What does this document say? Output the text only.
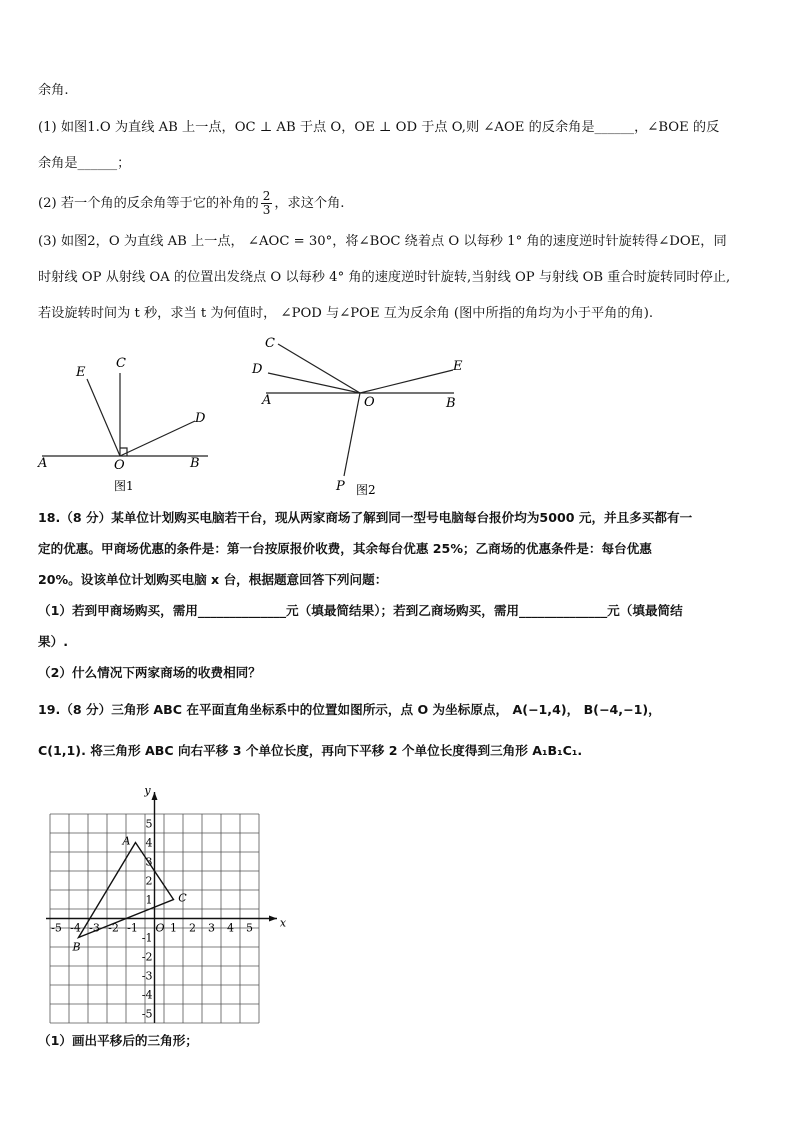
余角.
(1) 如图1.O 为直线 AB 上一点，OC ⊥ AB 于点 O，OE ⊥ OD 于点 O,则 ∠AOE 的反余角是______，∠BOE 的反
余角是______；
(2) 若一个角的反余角等于它的补角的 $\frac{2}{3}$ ，求这个角.
(3) 如图2，O 为直线 AB 上一点， ∠AOC = 30°，将∠BOC 绕着点 O 以每秒 1° 角的速度逆时针旋转得∠DOE，同
时射线 OP 从射线 OA 的位置出发绕点 O 以每秒 4° 角的速度逆时针旋转,当射线 OP 与射线 OB 重合时旋转同时停止,
若设旋转时间为 t 秒，求当 t 为何值时， ∠POD 与∠POE 互为反余角 (图中所指的角均为小于平角的角).
E
C
D
A	O	B
图1
C
D	E
A	O	B
P 图2
18.（8 分）某单位计划购买电脑若干台，现从两家商场了解到同一型号电脑每台报价均为5000 元，并且多买都有一
定的优惠。甲商场优惠的条件是：第一台按原报价收费，其余每台优惠 25%；乙商场的优惠条件是：每台优惠
20%。设该单位计划购买电脑 x 台，根据题意回答下列问题：
（1）若到甲商场购买，需用______________元（填最简结果）；若到乙商场购买，需用______________元（填最简结
果）.
（2）什么情况下两家商场的收费相同？
19.（8 分）三角形 ABC 在平面直角坐标系中的位置如图所示，点 O 为坐标原点， A(−1,4)， B(−4,−1)，
C(1,1). 将三角形 ABC 向右平移 3 个单位长度，再向下平移 2 个单位长度得到三角形 A₁B₁C₁.
-5 -4 -3 -2 -1	1 2 3 4 5
5
4
3
2
1
-1
-2
-3
-4
-5
O	x
y
A
B
C
（1）画出平移后的三角形；
